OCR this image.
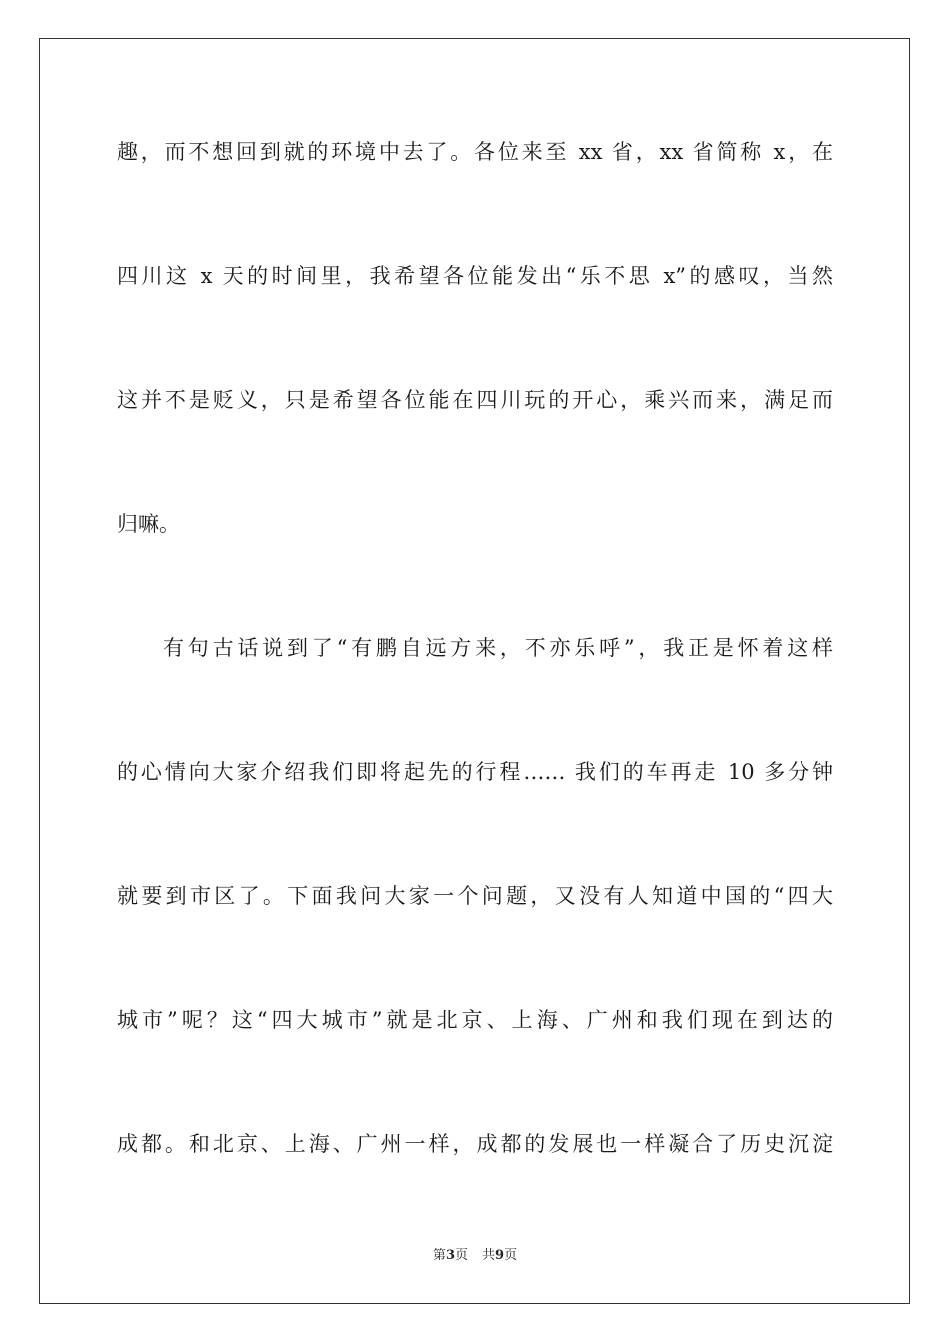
趣，而不想回到就的环境中去了。各位来至 xx 省，xx 省简称 x，在
四川这 x 天的时间里，我希望各位能发出“乐不思 x”的感叹，当然
这并不是贬义，只是希望各位能在四川玩的开心，乘兴而来，满足而
归嘛。
有句古话说到了“有鹏自远方来，不亦乐呼”，我正是怀着这样
的心情向大家介绍我们即将起先的行程…… 我们的车再走 10 多分钟
就要到市区了。下面我问大家一个问题，又没有人知道中国的“四大
城市”呢？这“四大城市”就是北京、上海、广州和我们现在到达的
成都。和北京、上海、广州一样，成都的发展也一样凝合了历史沉淀
第3页 共9页
